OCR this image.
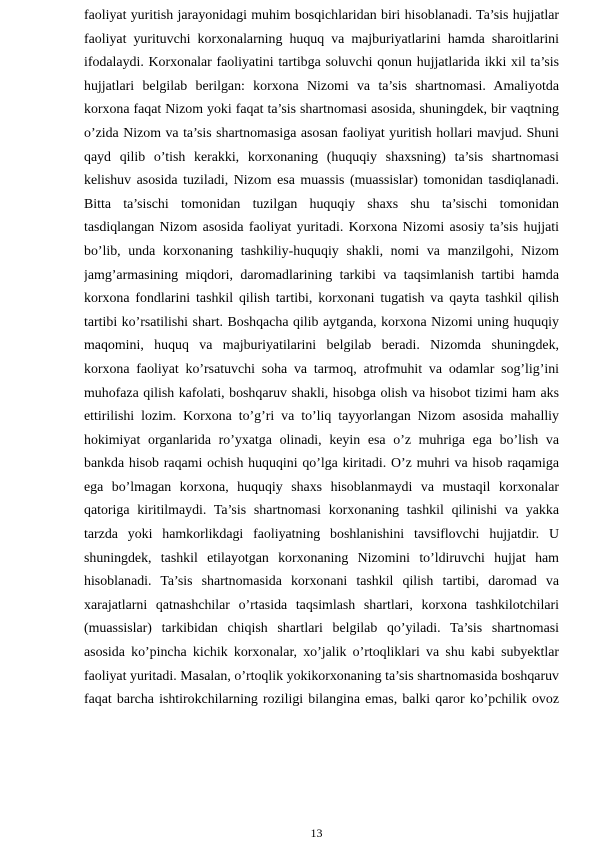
faoliyat yuritish jarayonidagi muhim bosqichlaridan biri hisoblanadi. Ta’sis hujjatlar
faoliyat yurituvchi korxonalarning huquq va majburiyatlarini hamda sharoitlarini
ifodalaydi. Korxonalar faoliyatini tartibga soluvchi qonun hujjatlarida ikki xil ta’sis
hujjatlari belgilab berilgan: korxona Nizomi va ta’sis shartnomasi. Amaliyotda
korxona faqat Nizom yoki faqat ta’sis shartnomasi asosida, shuningdek, bir vaqtning
o’zida Nizom va ta’sis shartnomasiga asosan faoliyat yuritish hollari mavjud. Shuni
qayd qilib o’tish kerakki, korxonaning (huquqiy shaxsning) ta’sis shartnomasi
kelishuv asosida tuziladi, Nizom esa muassis (muassislar) tomonidan tasdiqlanadi.
Bitta ta’sischi tomonidan tuzilgan huquqiy shaxs shu ta’sischi tomonidan
tasdiqlangan Nizom asosida faoliyat yuritadi. Korxona Nizomi asosiy ta’sis hujjati
bo’lib, unda korxonaning tashkiliy-huquqiy shakli, nomi va manzilgohi, Nizom
jamg’armasining miqdori, daromadlarining tarkibi va taqsimlanish tartibi hamda
korxona fondlarini tashkil qilish tartibi, korxonani tugatish va qayta tashkil qilish
tartibi ko’rsatilishi shart. Boshqacha qilib aytganda, korxona Nizomi uning huquqiy
maqomini, huquq va majburiyatilarini belgilab beradi. Nizomda shuningdek,
korxona faoliyat ko’rsatuvchi soha va tarmoq, atrofmuhit va odamlar sog’lig’ini
muhofaza qilish kafolati, boshqaruv shakli, hisobga olish va hisobot tizimi ham aks
ettirilishi lozim. Korxona to’g’ri va to’liq tayyorlangan Nizom asosida mahalliy
hokimiyat organlarida ro’yxatga olinadi, keyin esa o’z muhriga ega bo’lish va
bankda hisob raqami ochish huquqini qo’lga kiritadi. O’z muhri va hisob raqamiga
ega bo’lmagan korxona, huquqiy shaxs hisoblanmaydi va mustaqil korxonalar
qatoriga kiritilmaydi. Ta’sis shartnomasi korxonaning tashkil qilinishi va yakka
tarzda yoki hamkorlikdagi faoliyatning boshlanishini tavsiflovchi hujjatdir. U
shuningdek, tashkil etilayotgan korxonaning Nizomini to’ldiruvchi hujjat ham
hisoblanadi. Ta’sis shartnomasida korxonani tashkil qilish tartibi, daromad va
xarajatlarni qatnashchilar o’rtasida taqsimlash shartlari, korxona tashkilotchilari
(muassislar) tarkibidan chiqish shartlari belgilab qo’yiladi. Ta’sis shartnomasi
asosida ko’pincha kichik korxonalar, xo’jalik o’rtoqliklari va shu kabi subyektlar
faoliyat yuritadi. Masalan, o’rtoqlik yokikorxonaning ta’sis shartnomasida boshqaruv
faqat barcha ishtirokchilarning roziligi bilangina emas, balki qaror ko’pchilik ovoz
13
